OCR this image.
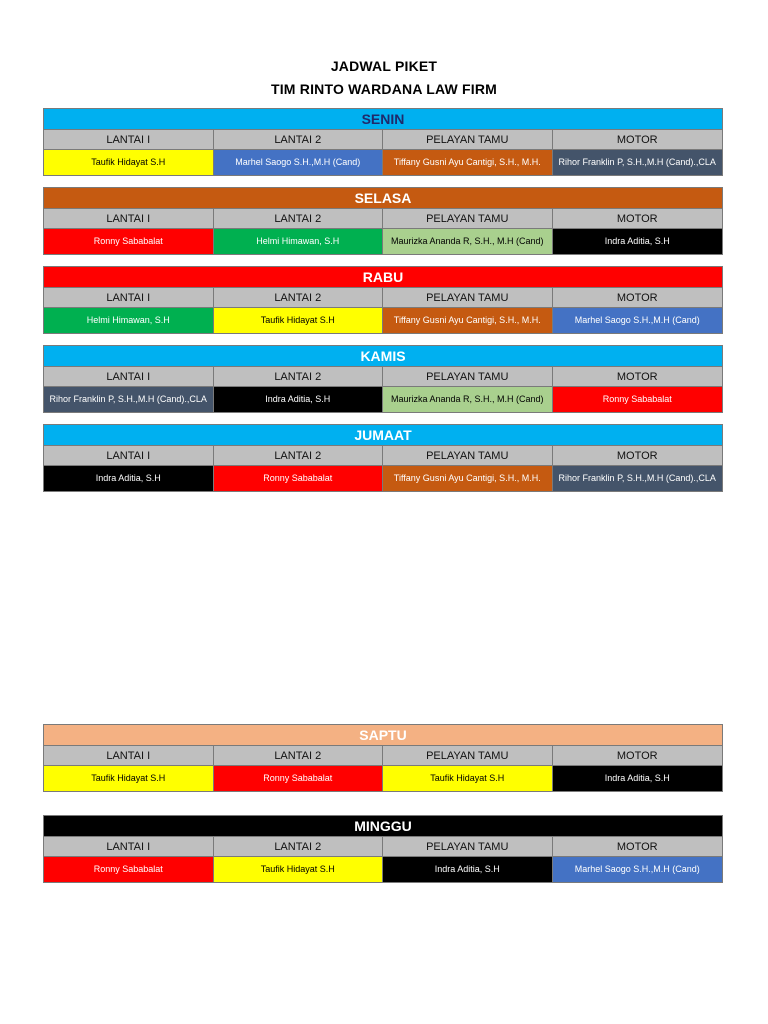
JADWAL PIKET
TIM RINTO WARDANA LAW FIRM
SENIN
LANTAI I	LANTAI 2	PELAYAN TAMU	MOTOR
Taufik Hidayat S.H	Marhel Saogo S.H.,M.H (Cand)	Tiffany Gusni Ayu Cantigi, S.H., M.H.	Rihor Franklin P, S.H.,M.H (Cand).,CLA
SELASA
LANTAI I	LANTAI 2	PELAYAN TAMU	MOTOR
Ronny Sababalat	Helmi Himawan, S.H	Maurizka Ananda R, S.H., M.H (Cand)	Indra Aditia, S.H
RABU
LANTAI I	LANTAI 2	PELAYAN TAMU	MOTOR
Helmi Himawan, S.H	Taufik Hidayat S.H	Tiffany Gusni Ayu Cantigi, S.H., M.H.	Marhel Saogo S.H.,M.H (Cand)
KAMIS
LANTAI I	LANTAI 2	PELAYAN TAMU	MOTOR
Rihor Franklin P, S.H.,M.H (Cand).,CLA	Indra Aditia, S.H	Maurizka Ananda R, S.H., M.H (Cand)	Ronny Sababalat
JUMAAT
LANTAI I	LANTAI 2	PELAYAN TAMU	MOTOR
Indra Aditia, S.H	Ronny Sababalat	Tiffany Gusni Ayu Cantigi, S.H., M.H.	Rihor Franklin P, S.H.,M.H (Cand).,CLA
SAPTU
LANTAI I	LANTAI 2	PELAYAN TAMU	MOTOR
Taufik Hidayat S.H	Ronny Sababalat	Taufik Hidayat S.H	Indra Aditia, S.H
MINGGU
LANTAI I	LANTAI 2	PELAYAN TAMU	MOTOR
Ronny Sababalat	Taufik Hidayat S.H	Indra Aditia, S.H	Marhel Saogo S.H.,M.H (Cand)
